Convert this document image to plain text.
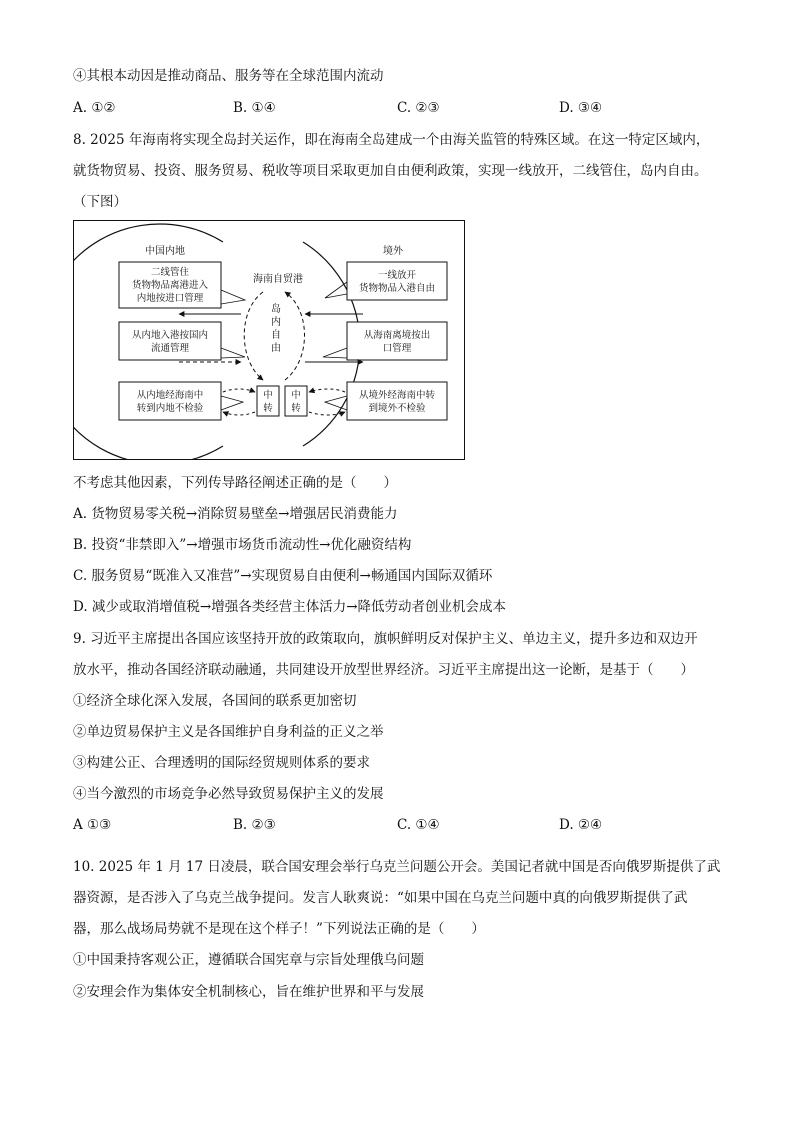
④其根本动因是推动商品、服务等在全球范围内流动
A. ①②	B. ①④	C. ②③	D. ③④
8. 2025 年海南将实现全岛封关运作，即在海南全岛建成一个由海关监管的特殊区域。在这一特定区域内，
就货物贸易、投资、服务贸易、税收等项目采取更加自由便利政策，实现一线放开，二线管住，岛内自由。
（下图）
中国内地	境外
海南自贸港
岛
内
自
由
二线管住
货物物品离港进入
内地按进口管理
从内地入港按国内
流通管理
从内地经海南中
转到内地不检验
一线放开
货物物品入港自由
从海南离境按出
口管理
从境外经海南中转
到境外不检验
中
转
中
转
不考虑其他因素，下列传导路径阐述正确的是（　　）
A. 货物贸易零关税→消除贸易壁垒→增强居民消费能力
B. 投资“非禁即入”→增强市场货币流动性→优化融资结构
C. 服务贸易“既准入又准营”→实现贸易自由便利→畅通国内国际双循环
D. 减少或取消增值税→增强各类经营主体活力→降低劳动者创业机会成本
9. 习近平主席提出各国应该坚持开放的政策取向，旗帜鲜明反对保护主义、单边主义，提升多边和双边开
放水平，推动各国经济联动融通，共同建设开放型世界经济。习近平主席提出这一论断，是基于（　　）
①经济全球化深入发展，各国间的联系更加密切
②单边贸易保护主义是各国维护自身利益的正义之举
③构建公正、合理透明的国际经贸规则体系的要求
④当今激烈的市场竞争必然导致贸易保护主义的发展
A ①③	B. ②③	C. ①④	D. ②④
10. 2025 年 1 月 17 日凌晨，联合国安理会举行乌克兰问题公开会。美国记者就中国是否向俄罗斯提供了武
器资源，是否涉入了乌克兰战争提问。发言人耿爽说：“如果中国在乌克兰问题中真的向俄罗斯提供了武
器，那么战场局势就不是现在这个样子！”下列说法正确的是（　　）
①中国秉持客观公正，遵循联合国宪章与宗旨处理俄乌问题
②安理会作为集体安全机制核心，旨在维护世界和平与发展
